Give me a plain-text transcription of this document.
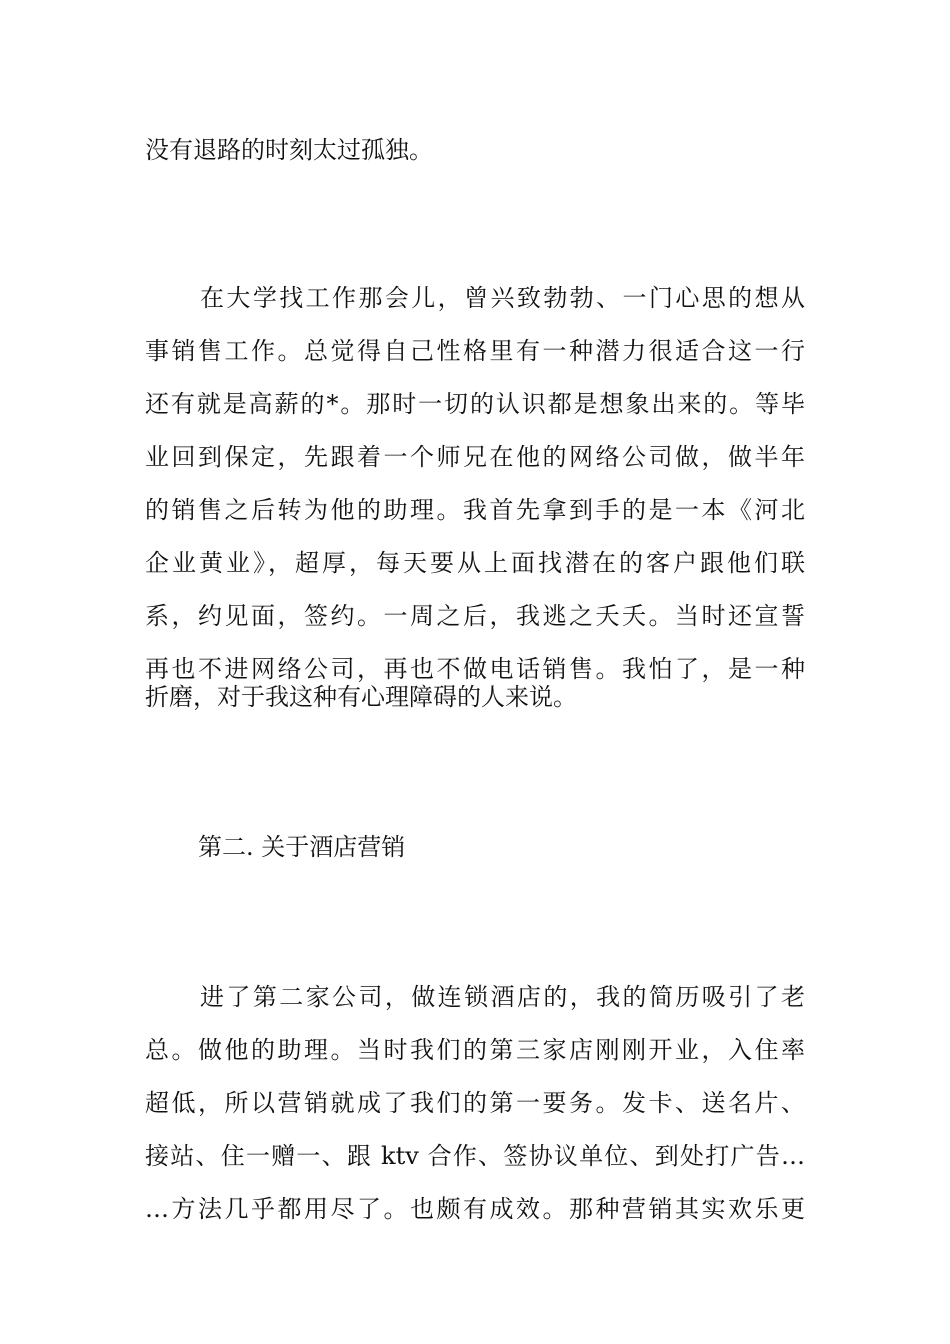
没有退路的时刻太过孤独。
在大学找工作那会儿，曾兴致勃勃、一门心思的想从
事销售工作。总觉得自己性格里有一种潜力很适合这一行
还有就是高薪的*。那时一切的认识都是想象出来的。等毕
业回到保定，先跟着一个师兄在他的网络公司做，做半年
的销售之后转为他的助理。我首先拿到手的是一本《河北
企业黄业》，超厚，每天要从上面找潜在的客户跟他们联
系，约见面，签约。一周之后，我逃之夭夭。当时还宣誓
再也不进网络公司，再也不做电话销售。我怕了，是一种
折磨，对于我这种有心理障碍的人来说。
第二. 关于酒店营销
进了第二家公司，做连锁酒店的，我的简历吸引了老
总。做他的助理。当时我们的第三家店刚刚开业，入住率
超低，所以营销就成了我们的第一要务。发卡、送名片、
接站、住一赠一、跟 ktv 合作、签协议单位、到处打广告…
…方法几乎都用尽了。也颇有成效。那种营销其实欢乐更
